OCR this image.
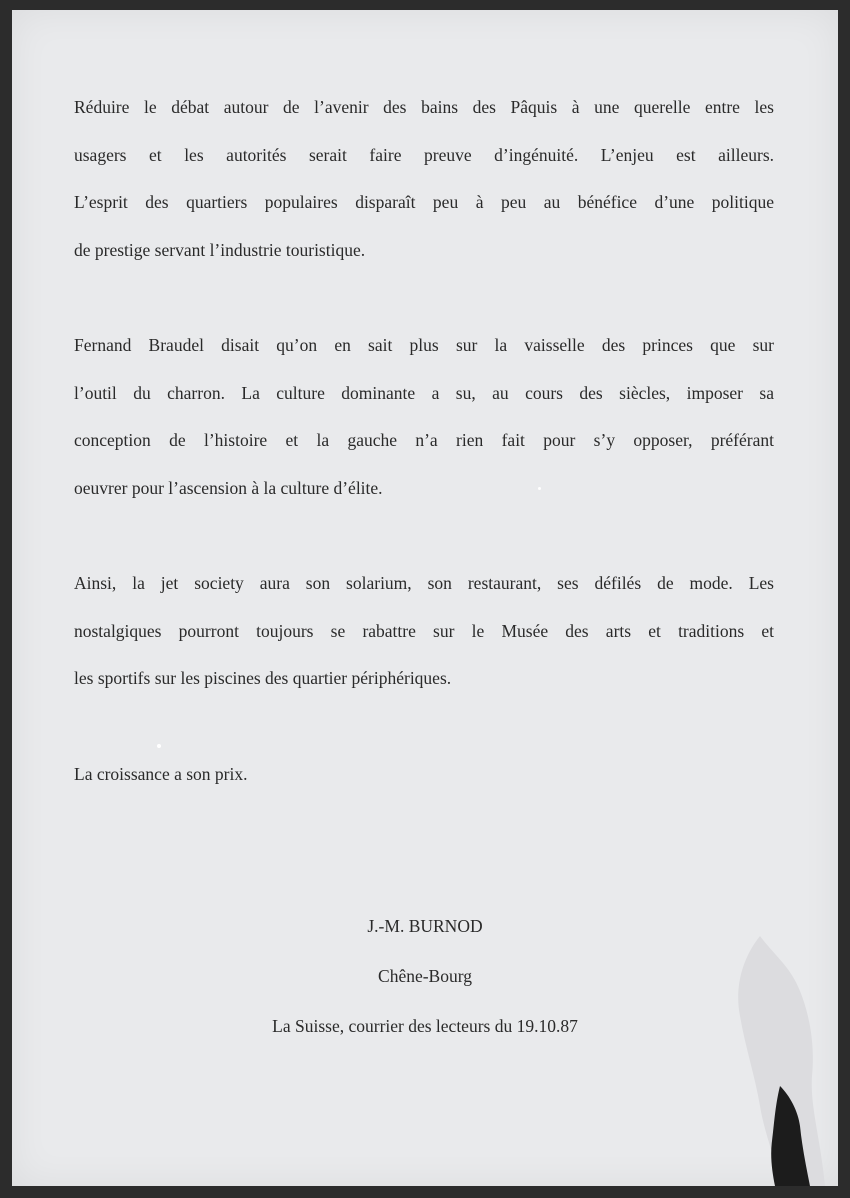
Réduire le débat autour de l’avenir des bains des Pâquis à une querelle entre les
usagers et les autorités serait faire preuve d’ingénuité. L’enjeu est ailleurs.
L’esprit des quartiers populaires disparaît peu à peu au bénéfice d’une politique
de prestige servant l’industrie touristique.

Fernand Braudel disait qu’on en sait plus sur la vaisselle des princes que sur
l’outil du charron. La culture dominante a su, au cours des siècles, imposer sa
conception de l’histoire et la gauche n’a rien fait pour s’y opposer, préférant
oeuvrer pour l’ascension à la culture d’élite.

Ainsi, la jet society aura son solarium, son restaurant, ses défilés de mode. Les
nostalgiques pourront toujours se rabattre sur le Musée des arts et traditions et
les sportifs sur les piscines des quartier périphériques.

La croissance a son prix.

J.-M. BURNOD
Chêne-Bourg
La Suisse, courrier des lecteurs du 19.10.87
